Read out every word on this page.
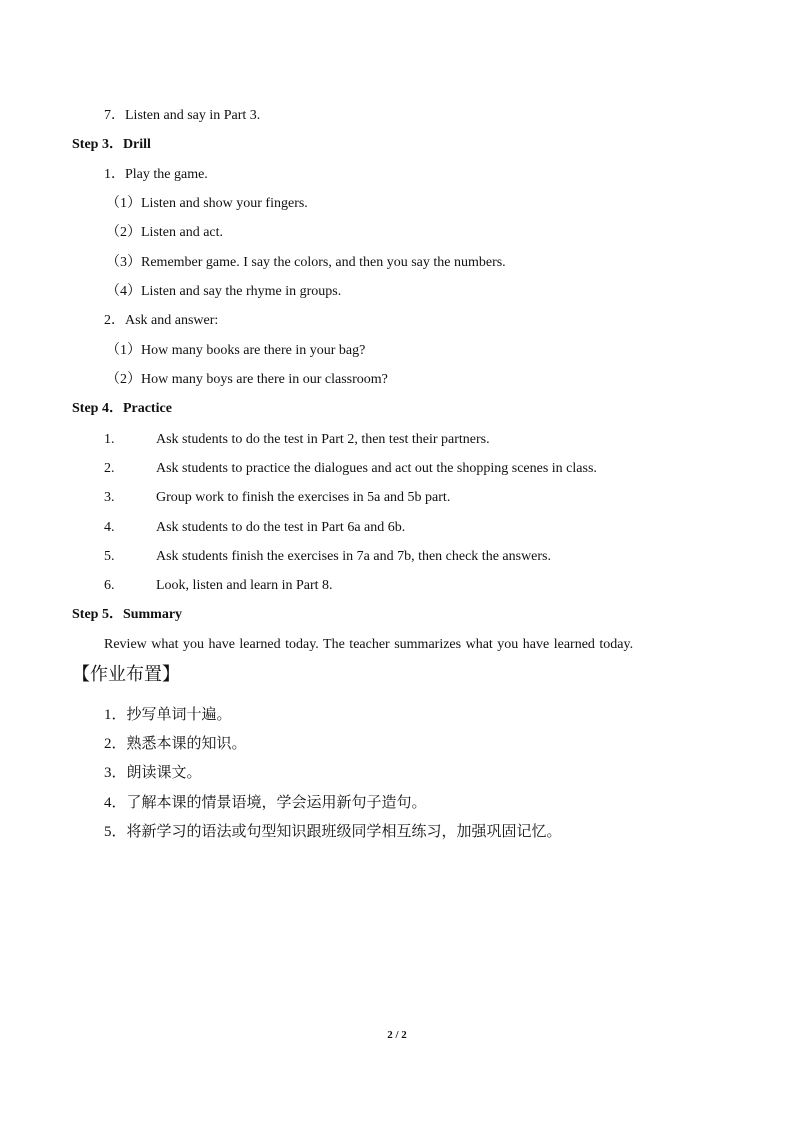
7．Listen and say in Part 3.
Step 3．Drill
1．Play the game.
（1）Listen and show your fingers.
（2）Listen and act.
（3）Remember game. I say the colors, and then you say the numbers.
（4）Listen and say the rhyme in groups.
2．Ask and answer:
（1）How many books are there in your bag?
（2）How many boys are there in our classroom?
Step 4．Practice
1.	Ask students to do the test in Part 2, then test their partners.
2.	Ask students to practice the dialogues and act out the shopping scenes in class.
3.	Group work to finish the exercises in 5a and 5b part.
4.	Ask students to do the test in Part 6a and 6b.
5.	Ask students finish the exercises in 7a and 7b, then check the answers.
6.	Look, listen and learn in Part 8.
Step 5．Summary
Review what you have learned today. The teacher summarizes what you have learned today.
【作业布置】
1．抄写单词十遍。
2．熟悉本课的知识。
3．朗读课文。
4．了解本课的情景语境，学会运用新句子造句。
5．将新学习的语法或句型知识跟班级同学相互练习，加强巩固记忆。
2 / 2
